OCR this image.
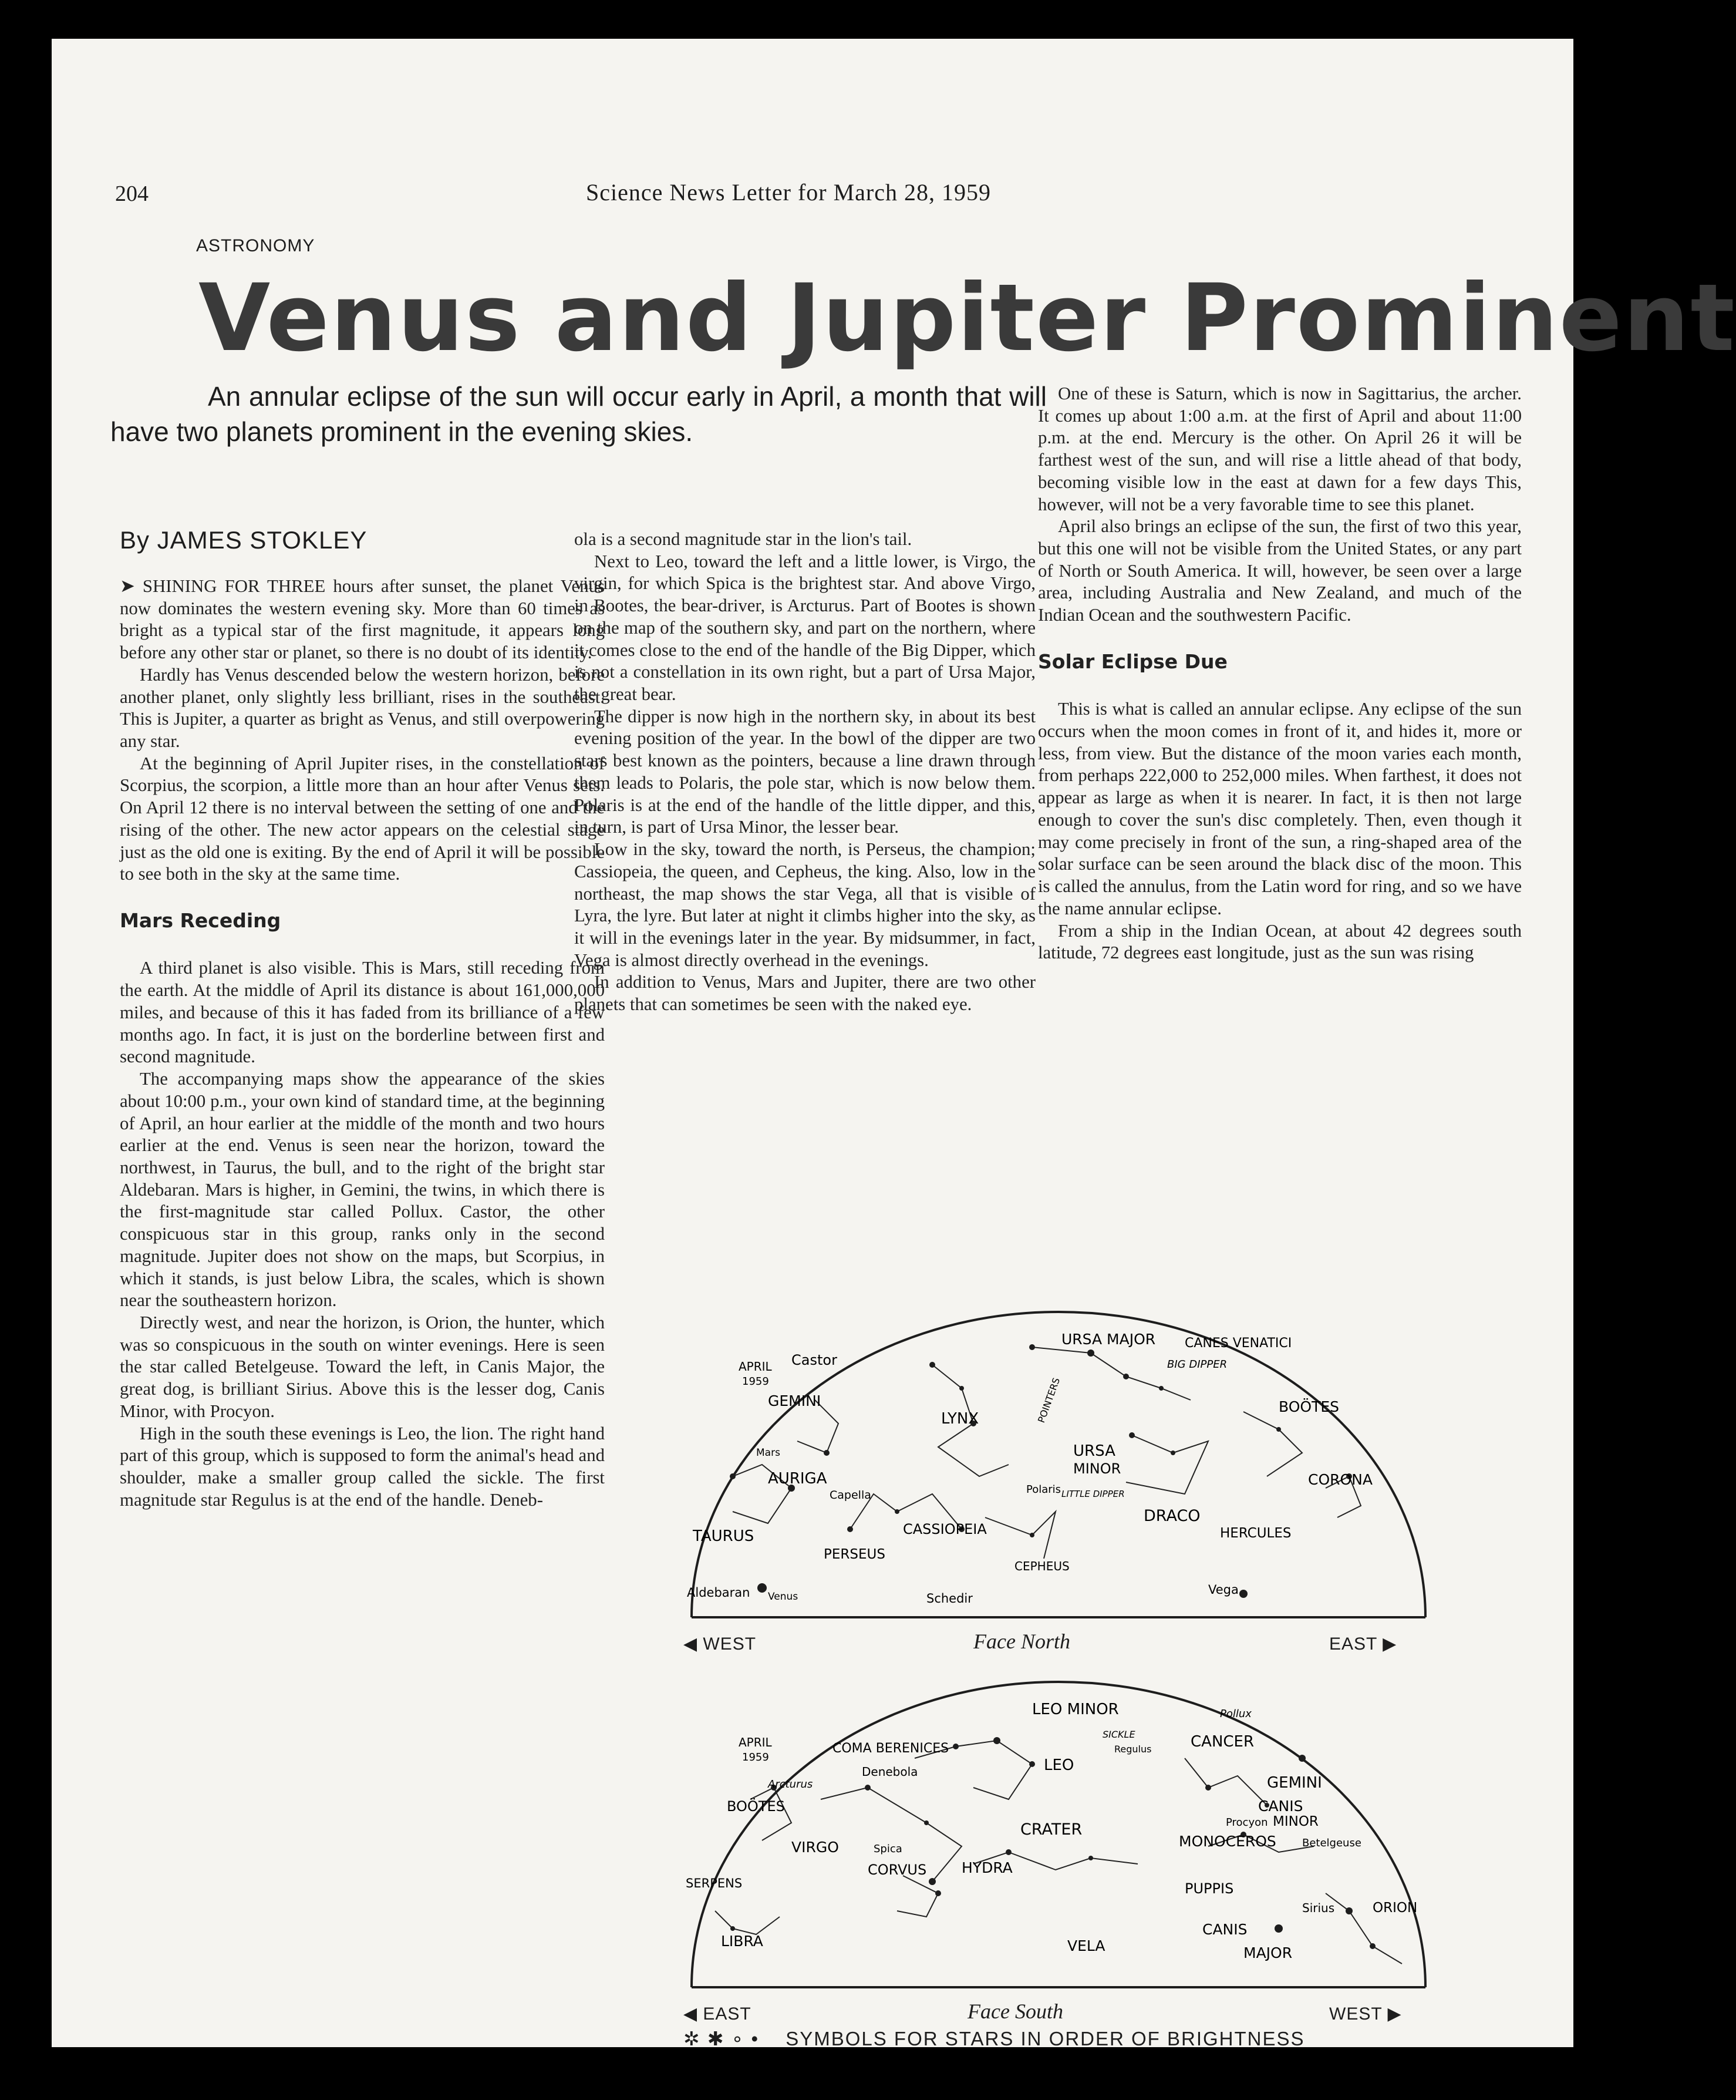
204	Science News Letter for March 28, 1959
ASTRONOMY
Venus and Jupiter Prominent
An annular eclipse of the sun will occur early in April, a month that will have two planets prominent in the evening skies.
By JAMES STOKLEY

➤ SHINING FOR THREE hours after sunset, the planet Venus now dominates the western evening sky. More than 60 times as bright as a typical star of the first magnitude, it appears long before any other star or planet, so there is no doubt of its identity.

Hardly has Venus descended below the western horizon, before another planet, only slightly less brilliant, rises in the southeast. This is Jupiter, a quarter as bright as Venus, and still overpowering any star.

At the beginning of April Jupiter rises, in the constellation of Scorpius, the scorpion, a little more than an hour after Venus sets. On April 12 there is no interval between the setting of one and the rising of the other. The new actor appears on the celestial stage just as the old one is exiting. By the end of April it will be possible to see both in the sky at the same time.

Mars Receding

A third planet is also visible. This is Mars, still receding from the earth. At the middle of April its distance is about 161,000,000 miles, and because of this it has faded from its brilliance of a few months ago. In fact, it is just on the borderline between first and second magnitude.

The accompanying maps show the appearance of the skies about 10:00 p.m., your own kind of standard time, at the beginning of April, an hour earlier at the middle of the month and two hours earlier at the end. Venus is seen near the horizon, toward the northwest, in Taurus, the bull, and to the right of the bright star Aldebaran. Mars is higher, in Gemini, the twins, in which there is the first-magnitude star called Pollux. Castor, the other conspicuous star in this group, ranks only in the second magnitude. Jupiter does not show on the maps, but Scorpius, in which it stands, is just below Libra, the scales, which is shown near the southeastern horizon.

Directly west, and near the horizon, is Orion, the hunter, which was so conspicuous in the south on winter evenings. Here is seen the star called Betelgeuse. Toward the left, in Canis Major, the great dog, is brilliant Sirius. Above this is the lesser dog, Canis Minor, with Procyon.

High in the south these evenings is Leo, the lion. The right hand part of this group, which is supposed to form the animal's head and shoulder, make a smaller group called the sickle. The first magnitude star Regulus is at the end of the handle. Deneb-

ola is a second magnitude star in the lion's tail.

Next to Leo, toward the left and a little lower, is Virgo, the virgin, for which Spica is the brightest star. And above Virgo, in Bootes, the bear-driver, is Arcturus. Part of Bootes is shown on the map of the southern sky, and part on the northern, where it comes close to the end of the handle of the Big Dipper, which is not a constellation in its own right, but a part of Ursa Major, the great bear.

The dipper is now high in the northern sky, in about its best evening position of the year. In the bowl of the dipper are two stars best known as the pointers, because a line drawn through them leads to Polaris, the pole star, which is now below them. Polaris is at the end of the handle of the little dipper, and this, in turn, is part of Ursa Minor, the lesser bear.

Low in the sky, toward the north, is Perseus, the champion; Cassiopeia, the queen, and Cepheus, the king. Also, low in the northeast, the map shows the star Vega, all that is visible of Lyra, the lyre. But later at night it climbs higher into the sky, as it will in the evenings later in the year. By midsummer, in fact, Vega is almost directly overhead in the evenings.

In addition to Venus, Mars and Jupiter, there are two other planets that can sometimes be seen with the naked eye.

One of these is Saturn, which is now in Sagittarius, the archer. It comes up about 1:00 a.m. at the first of April and about 11:00 p.m. at the end. Mercury is the other. On April 26 it will be farthest west of the sun, and will rise a little ahead of that body, becoming visible low in the east at dawn for a few days This, however, will not be a very favorable time to see this planet.

April also brings an eclipse of the sun, the first of two this year, but this one will not be visible from the United States, or any part of North or South America. It will, however, be seen over a large area, including Australia and New Zealand, and much of the Indian Ocean and the southwestern Pacific.

Solar Eclipse Due

This is what is called an annular eclipse. Any eclipse of the sun occurs when the moon comes in front of it, and hides it, more or less, from view. But the distance of the moon varies each month, from perhaps 222,000 to 252,000 miles. When farthest, it does not appear as large as when it is nearer. In fact, it is then not large enough to cover the sun's disc completely. Then, even though it may come precisely in front of the sun, a ring-shaped area of the solar surface can be seen around the black disc of the moon. This is called the annulus, from the Latin word for ring, and so we have the name annular eclipse.

From a ship in the Indian Ocean, at about 42 degrees south latitude, 72 degrees east longitude, just as the sun was rising

APRIL
1959
URSA MAJOR CANES VENATICI
BIG DIPPER
Castor
GEMINI
LYNX	POINTERS	BOÖTES
Mars	URSA
MINOR
AURIGA
Capella	Polaris LITTLE DIPPER
CORONA
TAURUS	CASSIOPEIA
DRACO
HERCULES
PERSEUS
CEPHEUS
Aldebaran Venus	Schedir
Vega
◀ WEST	Face North	EAST ▶
APRIL
1959
LEO MINOR	Pollux
COMA BERENICES
SICKLE
Regulus	CANCER
Arcturus
Denebola	LEO
GEMINI
BOÖTES	CANIS
Procyon MINOR
CRATER
VIRGO	Spica	MONOCEROS Betelgeuse
CORVUS HYDRA
SERPENS	PUPPIS
Sirius	ORION
LIBRA	VELA
CANIS
MAJOR
◀ EAST	Face South	WEST ▶
✲ ✱ ∘ • SYMBOLS FOR STARS IN ORDER OF BRIGHTNESS
